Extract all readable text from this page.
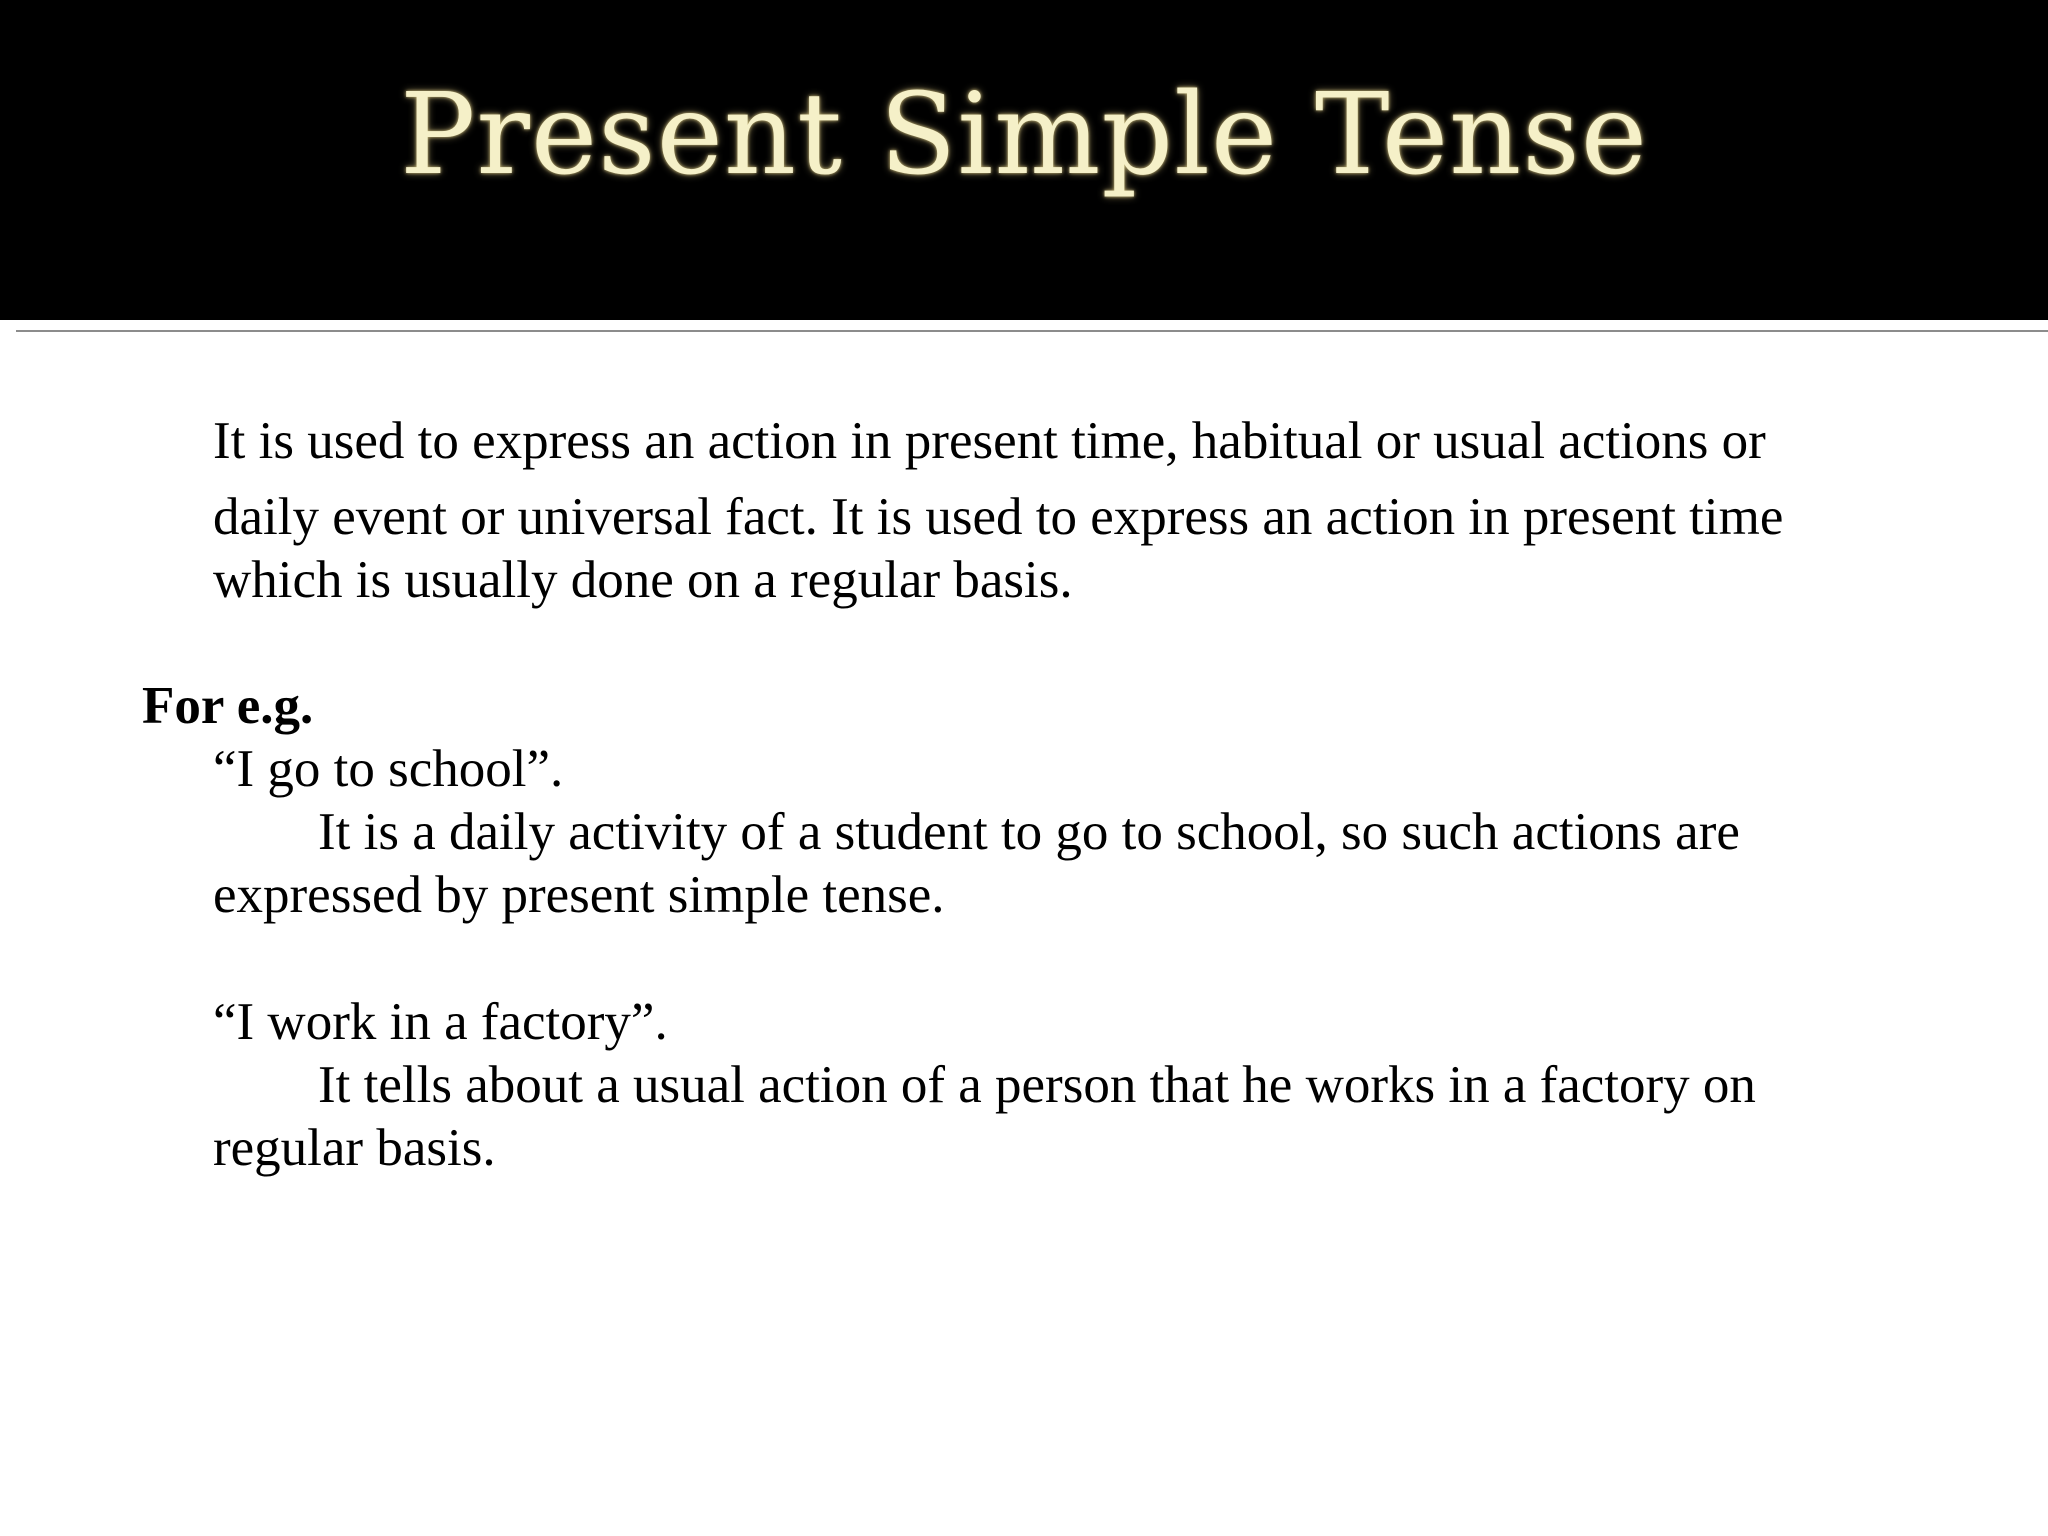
Present Simple Tense
It is used to express an action in present time, habitual or usual actions or
daily event or universal fact. It is used to express an action in present time
which is usually done on a regular basis.
For e.g.
“I go to school”.
It is a daily activity of a student to go to school, so such actions are
expressed by present simple tense.
“I work in a factory”.
It tells about a usual action of a person that he works in a factory on
regular basis.
